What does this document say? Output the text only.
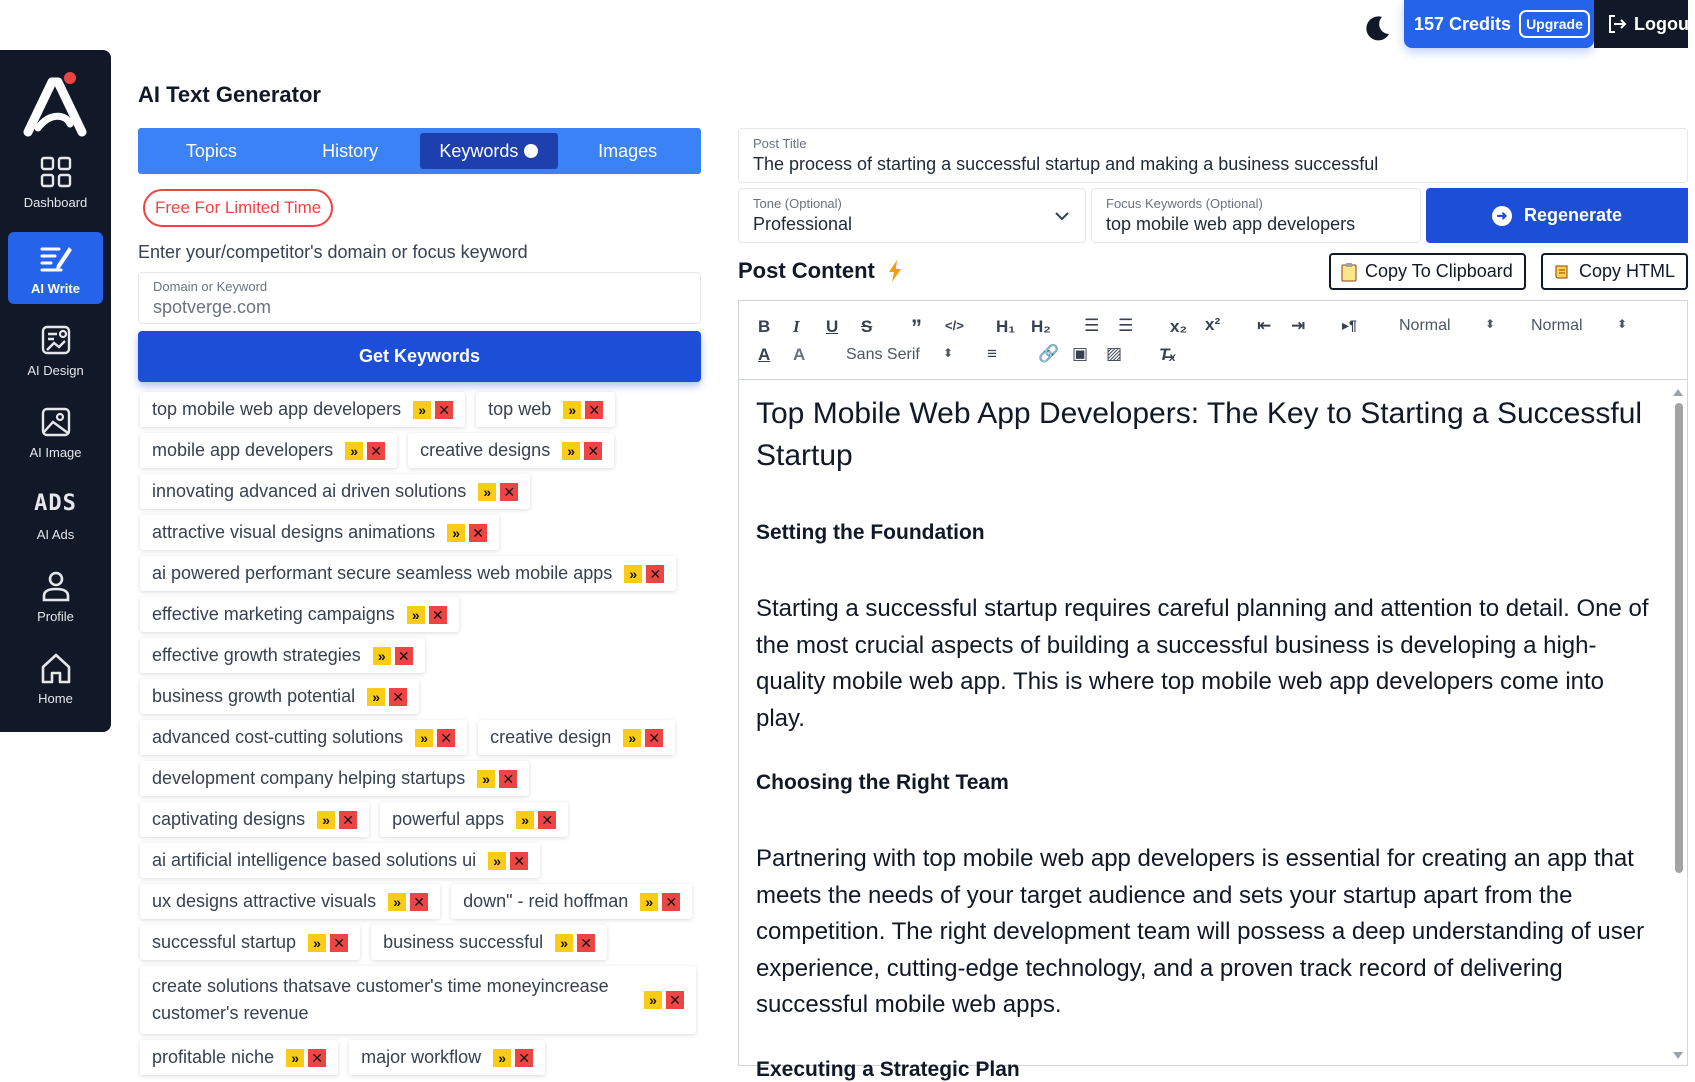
157 Credits	Upgrade	Logout
Dashboard
AI Write
AI Design
AI Image
ADS
AI Ads
Profile
Home
AI Text Generator
Topics	History	Keywords	Images
Free For Limited Time
Enter your/competitor's domain or focus keyword
Domain or Keyword
spotverge.com
Get Keywords
top mobile web app developers	» ✕ top web	» ✕
mobile app developers	» ✕ creative designs	» ✕
innovating advanced ai driven solutions	» ✕
attractive visual designs animations	» ✕
ai powered performant secure seamless web mobile apps	» ✕
effective marketing campaigns	» ✕
effective growth strategies	» ✕
business growth potential	» ✕
advanced cost-cutting solutions	» ✕ creative design	» ✕
development company helping startups	» ✕
captivating designs	» ✕ powerful apps	» ✕
ai artificial intelligence based solutions ui	» ✕
ux designs attractive visuals	» ✕ down" - reid hoffman	» ✕
successful startup	» ✕ business successful	» ✕
create solutions thatsave customer's time moneyincrease customer's revenue
» ✕
profitable niche	» ✕ major workflow	» ✕
Post Title
The process of starting a successful startup and making a business successful
Tone (Optional)
Professional
Focus Keywords (Optional)
top mobile web app developers	➜ Regenerate
Post Content	Copy To Clipboard	Copy HTML
B I U S ” </> H₁ H₂ ☰ ☰ x₂ x² ⇤ ⇥	▸¶	Normal	⬍ Normal	⬍
A A	Sans Serif ⬍ ≡ 🔗 ▣ ▨ T̶ₓ
Top Mobile Web App Developers: The Key to Starting a Successful Startup
Setting the Foundation

Starting a successful startup requires careful planning and attention to detail. One of the most crucial aspects of building a successful business is developing a high-quality mobile web app. This is where top mobile web app developers come into play.

Choosing the Right Team

Partnering with top mobile web app developers is essential for creating an app that meets the needs of your target audience and sets your startup apart from the competition. The right development team will possess a deep understanding of user experience, cutting-edge technology, and a proven track record of delivering successful mobile web apps.

Executing a Strategic Plan
